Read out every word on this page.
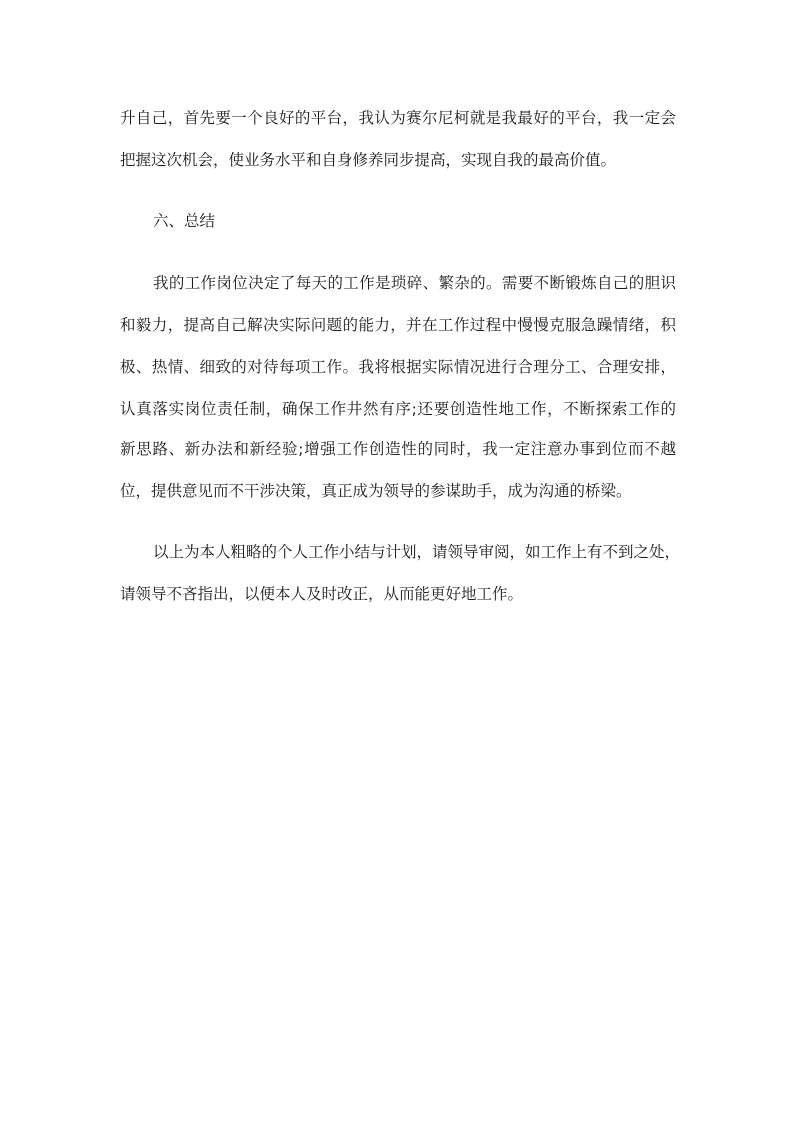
升自己，首先要一个良好的平台，我认为赛尔尼柯就是我最好的平台，我一定会
把握这次机会，使业务水平和自身修养同步提高，实现自我的最高价值。
六、总结
我的工作岗位决定了每天的工作是琐碎、繁杂的。需要不断锻炼自己的胆识
和毅力，提高自己解决实际问题的能力，并在工作过程中慢慢克服急躁情绪，积
极、热情、细致的对待每项工作。我将根据实际情况进行合理分工、合理安排，
认真落实岗位责任制，确保工作井然有序;还要创造性地工作，不断探索工作的
新思路、新办法和新经验;增强工作创造性的同时，我一定注意办事到位而不越
位，提供意见而不干涉决策，真正成为领导的参谋助手，成为沟通的桥梁。
以上为本人粗略的个人工作小结与计划，请领导审阅，如工作上有不到之处，
请领导不吝指出，以便本人及时改正，从而能更好地工作。
